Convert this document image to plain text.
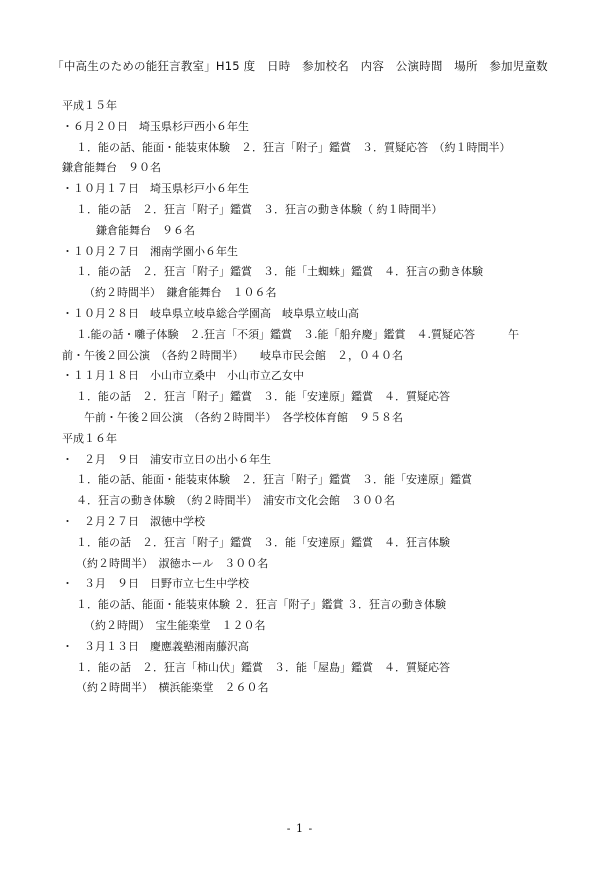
「中高生のための能狂言教室」H15 度　日時　参加校名　内容　公演時間　場所　参加児童数
平成１５年
・６月２０日　埼玉県杉戸西小６年生
１．能の話、能面・能装束体験　２．狂言「附子」鑑賞　３．質疑応答　（約１時間半）
鎌倉能舞台　９０名
・１０月１７日　埼玉県杉戸小６年生
１．能の話　２．狂言「附子」鑑賞　３．狂言の動き体験（ 約１時間半）
鎌倉能舞台　９６名
・１０月２７日　湘南学園小６年生
１．能の話　２．狂言「附子」鑑賞　３．能「土蜘蛛」鑑賞　４．狂言の動き体験
（約２時間半）　鎌倉能舞台　１０６名
・１０月２８日　岐阜県立岐阜総合学園高　岐阜県立岐山高
１.能の話・囃子体験　２.狂言「不須」鑑賞　３.能「船弁慶」鑑賞　４.質疑応答　　　午
前・午後２回公演　（各約２時間半）　　岐阜市民会館　２，０４０名
・１１月１８日　小山市立桑中　小山市立乙女中
１．能の話　２．狂言「附子」鑑賞　３．能「安達原」鑑賞　４．質疑応答
午前・午後２回公演　（各約２時間半）　各学校体育館　９５８名
平成１６年
・　２月　９日　浦安市立日の出小６年生
１．能の話、能面・能装束体験　２．狂言「附子」鑑賞　３．能「安達原」鑑賞
４．狂言の動き体験　（約２時間半）　浦安市文化会館　３００名
・　２月２７日　淑徳中学校
１．能の話　２．狂言「附子」鑑賞　３．能「安達原」鑑賞　４．狂言体験
（約２時間半）　淑徳ホール　３００名
・　３月　９日　日野市立七生中学校
１．能の話、能面・能装束体験 ２．狂言「附子」鑑賞 ３．狂言の動き体験
（約２時間）　宝生能楽堂　１２０名
・　３月１３日　慶應義塾湘南藤沢高
１．能の話　２．狂言「柿山伏」鑑賞　３．能「屋島」鑑賞　４．質疑応答
（約２時間半）　横浜能楽堂　２６０名
- 1 -
